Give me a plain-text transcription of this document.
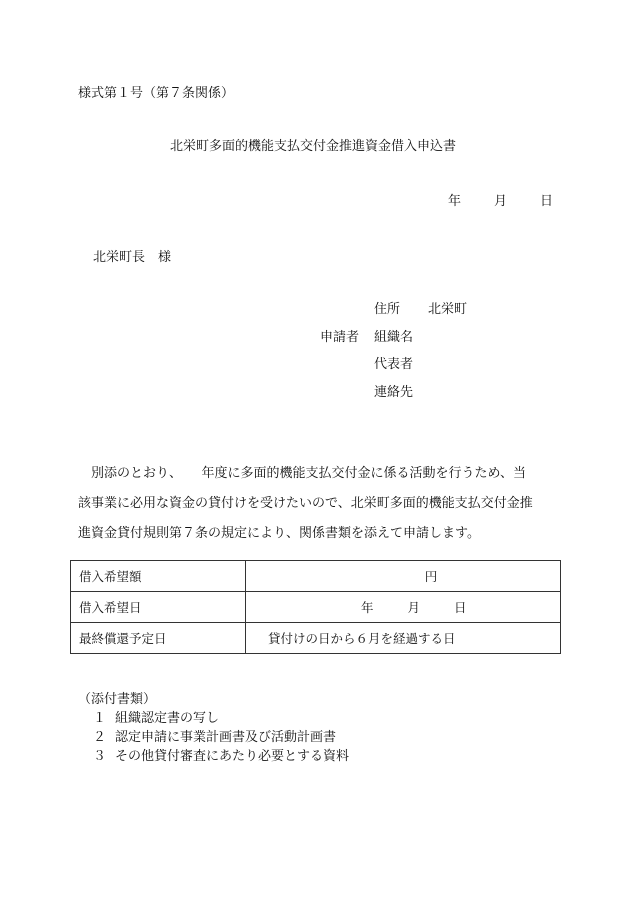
様式第１号（第７条関係）
北栄町多面的機能支払交付金推進資金借入申込書
年	月	日
北栄町長　様
住所 北栄町
申請者 組織名
代表者
連絡先
　別添のとおり、　　年度に多面的機能支払交付金に係る活動を行うため、当
該事業に必用な資金の貸付けを受けたいので、北栄町多面的機能支払交付金推
進資金貸付規則第７条の規定により、関係書類を添えて申請します。
借入希望額	円
借入希望日	年 月 日
最終償還予定日	貸付けの日から６月を経過する日
（添付書類）
１ 組織認定書の写し
２ 認定申請に事業計画書及び活動計画書
３ その他貸付審査にあたり必要とする資料
